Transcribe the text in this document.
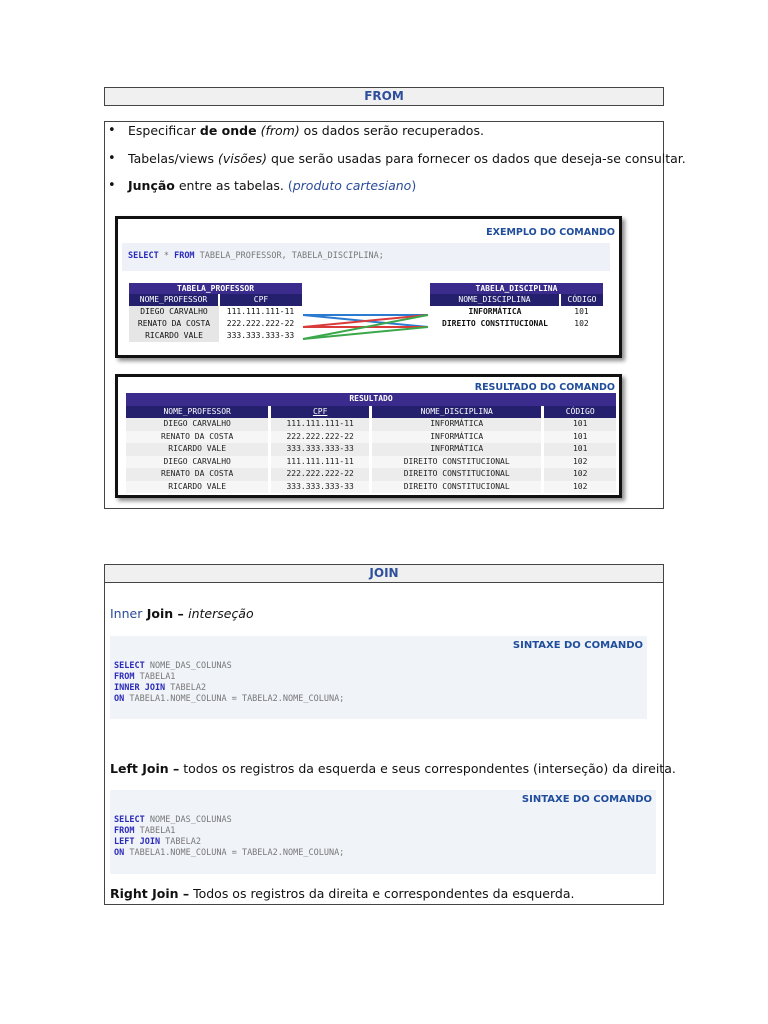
FROM
• Especificar de onde (from) os dados serão recuperados.
• Tabelas/views (visões) que serão usadas para fornecer os dados que deseja-se consultar.
• Junção entre as tabelas. (produto cartesiano)
EXEMPLO DO COMANDO
SELECT * FROM TABELA_PROFESSOR, TABELA_DISCIPLINA;
TABELA_PROFESSOR	
NOME_PROFESSOR	CPF
DIEGO CARVALHO	111.111.111-11
RENATO DA COSTA	222.222.222-22
RICARDO VALE	333.333.333-33
TABELA_DISCIPLINA	
NOME_DISCIPLINA	CÓDIGO
INFORMÁTICA	101
DIREITO CONSTITUCIONAL	102
RESULTADO DO COMANDO
RESULTADO			
NOME_PROFESSOR	CPF	NOME_DISCIPLINA	CÓDIGO
DIEGO CARVALHO	111.111.111-11	INFORMÁTICA	101
RENATO DA COSTA	222.222.222-22	INFORMÁTICA	101
RICARDO VALE	333.333.333-33	INFORMÁTICA	101
DIEGO CARVALHO	111.111.111-11	DIREITO CONSTITUCIONAL	102
RENATO DA COSTA	222.222.222-22	DIREITO CONSTITUCIONAL	102
RICARDO VALE	333.333.333-33	DIREITO CONSTITUCIONAL	102
JOIN
Inner Join – interseção
SINTAXE DO COMANDO
SELECT NOME_DAS_COLUNAS
FROM TABELA1
INNER JOIN TABELA2
ON TABELA1.NOME_COLUNA = TABELA2.NOME_COLUNA;
Left Join – todos os registros da esquerda e seus correspondentes (interseção) da direita.
SINTAXE DO COMANDO
SELECT NOME_DAS_COLUNAS
FROM TABELA1
LEFT JOIN TABELA2
ON TABELA1.NOME_COLUNA = TABELA2.NOME_COLUNA;
Right Join – Todos os registros da direita e correspondentes da esquerda.
